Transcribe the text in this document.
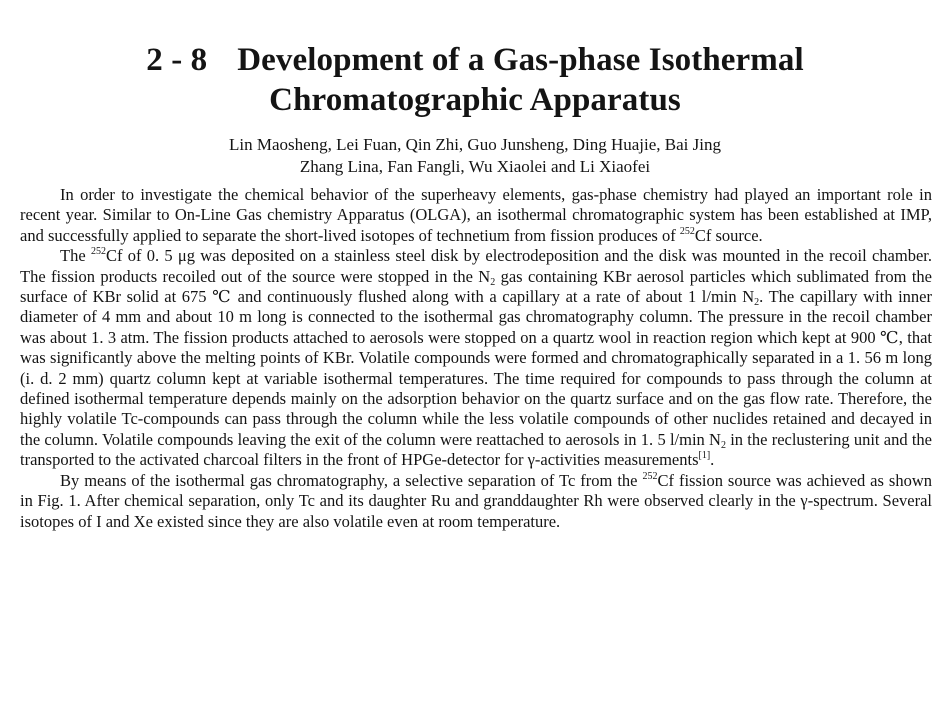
2 - 8 Development of a Gas-phase Isothermal
Chromatographic Apparatus
Lin Maosheng, Lei Fuan, Qin Zhi, Guo Junsheng, Ding Huajie, Bai Jing
Zhang Lina, Fan Fangli, Wu Xiaolei and Li Xiaofei

In order to investigate the chemical behavior of the superheavy elements, gas-phase chemistry had played an important role in recent year. Similar to On-Line Gas chemistry Apparatus (OLGA), an isothermal chromatographic system has been established at IMP, and successfully applied to separate the short-lived isotopes of technetium from fission produces of $^{252}$Cf source.

The $^{252}$Cf of 0. 5 μg was deposited on a stainless steel disk by electrodeposition and the disk was mounted in the recoil chamber. The fission products recoiled out of the source were stopped in the $N_2$ gas containing KBr aerosol particles which sublimated from the surface of KBr solid at 675 ℃ and continuously flushed along with a capillary at a rate of about 1 l/min $N_2$. The capillary with inner diameter of 4 mm and about 10 m long is connected to the isothermal gas chromatography column. The pressure in the recoil chamber was about 1. 3 atm. The fission products attached to aerosols were stopped on a quartz wool in reaction region which kept at 900 ℃, that was significantly above the melting points of KBr. Volatile compounds were formed and chromatographically separated in a 1. 56 m long (i. d. 2 mm) quartz column kept at variable isothermal temperatures. The time required for compounds to pass through the column at defined isothermal temperature depends mainly on the adsorption behavior on the quartz surface and on the gas flow rate. Therefore, the highly volatile Tc-compounds can pass through the column while the less volatile compounds of other nuclides retained and decayed in the column. Volatile compounds leaving the exit of the column were reattached to aerosols in 1. 5 l/min $N_2$ in the reclustering unit and the transported to the activated charcoal filters in the front of HPGe-detector for γ-activities measurements[1].

By means of the isothermal gas chromatography, a selective separation of Tc from the $^{252}$Cf fission source was achieved as shown in Fig. 1. After chemical separation, only Tc and its daughter Ru and granddaughter Rh were observed clearly in the γ-spectrum. Several isotopes of I and Xe existed since they are also volatile even at room temperature.
